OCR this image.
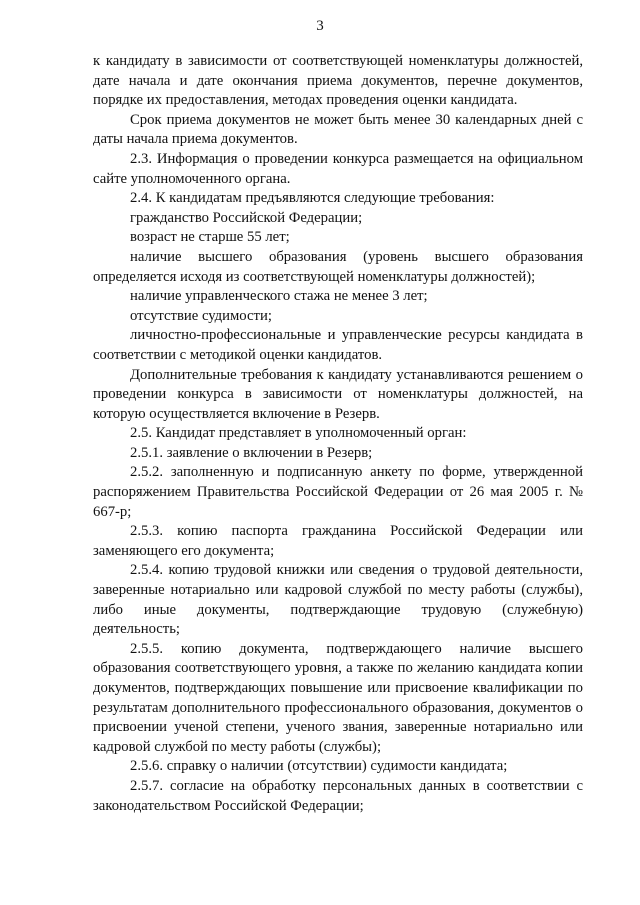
3

к кандидату в зависимости от соответствующей номенклатуры должностей, дате начала и дате окончания приема документов, перечне документов, порядке их предоставления, методах проведения оценки кандидата.

Срок приема документов не может быть менее 30 календарных дней с даты начала приема документов.

2.3. Информация о проведении конкурса размещается на официальном сайте уполномоченного органа.

2.4. К кандидатам предъявляются следующие требования:

гражданство Российской Федерации;

возраст не старше 55 лет;

наличие высшего образования (уровень высшего образования определяется исходя из соответствующей номенклатуры должностей);

наличие управленческого стажа не менее 3 лет;

отсутствие судимости;

личностно-профессиональные и управленческие ресурсы кандидата в соответствии с методикой оценки кандидатов.

Дополнительные требования к кандидату устанавливаются решением о проведении конкурса в зависимости от номенклатуры должностей, на которую осуществляется включение в Резерв.

2.5. Кандидат представляет в уполномоченный орган:

2.5.1. заявление о включении в Резерв;

2.5.2. заполненную и подписанную анкету по форме, утвержденной распоряжением Правительства Российской Федерации от 26 мая 2005 г. № 667-р;

2.5.3. копию паспорта гражданина Российской Федерации или заменяющего его документа;

2.5.4. копию трудовой книжки или сведения о трудовой деятельности, заверенные нотариально или кадровой службой по месту работы (службы), либо иные документы, подтверждающие трудовую (служебную) деятельность;

2.5.5. копию документа, подтверждающего наличие высшего образования соответствующего уровня, а также по желанию кандидата копии документов, подтверждающих повышение или присвоение квалификации по результатам дополнительного профессионального образования, документов о присвоении ученой степени, ученого звания, заверенные нотариально или кадровой службой по месту работы (службы);

2.5.6. справку о наличии (отсутствии) судимости кандидата;

2.5.7. согласие на обработку персональных данных в соответствии с законодательством Российской Федерации;
